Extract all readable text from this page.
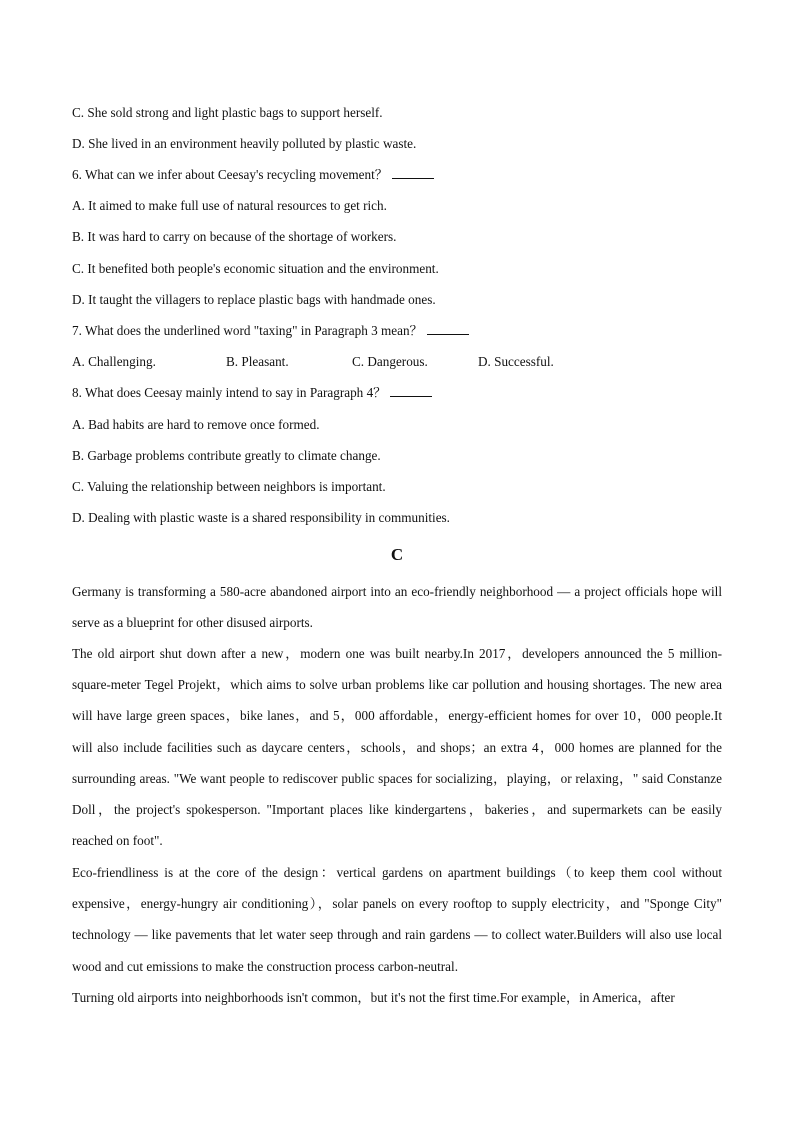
C. She sold strong and light plastic bags to support herself.
D. She lived in an environment heavily polluted by plastic waste.
6. What can we infer about Ceesay's recycling movement？
A. It aimed to make full use of natural resources to get rich.
B. It was hard to carry on because of the shortage of workers.
C. It benefited both people's economic situation and the environment.
D. It taught the villagers to replace plastic bags with handmade ones.
7. What does the underlined word "taxing" in Paragraph 3 mean？
A. Challenging.	B. Pleasant.	C. Dangerous.	D. Successful.
8. What does Ceesay mainly intend to say in Paragraph 4？
A. Bad habits are hard to remove once formed.
B. Garbage problems contribute greatly to climate change.
C. Valuing the relationship between neighbors is important.
D. Dealing with plastic waste is a shared responsibility in communities.
C
Germany is transforming a 580-acre abandoned airport into an eco-friendly neighborhood — a project officials hope will serve as a blueprint for other disused airports.
The old airport shut down after a new，modern one was built nearby.In 2017，developers announced the 5 million-square-meter Tegel Projekt，which aims to solve urban problems like car pollution and housing shortages. The new area will have large green spaces，bike lanes，and 5，000 affordable，energy-efficient homes for over 10，000 people.It will also include facilities such as daycare centers，schools，and shops；an extra 4，000 homes are planned for the surrounding areas. "We want people to rediscover public spaces for socializing，playing，or relaxing，" said Constanze Doll，the project's spokesperson. "Important places like kindergartens，bakeries，and supermarkets can be easily reached on foot".
Eco-friendliness is at the core of the design：vertical gardens on apartment buildings（to keep them cool without expensive，energy-hungry air conditioning），solar panels on every rooftop to supply electricity，and "Sponge City" technology — like pavements that let water seep through and rain gardens — to collect water.Builders will also use local wood and cut emissions to make the construction process carbon-neutral.
Turning old airports into neighborhoods isn't common，but it's not the first time.For example，in America，after
